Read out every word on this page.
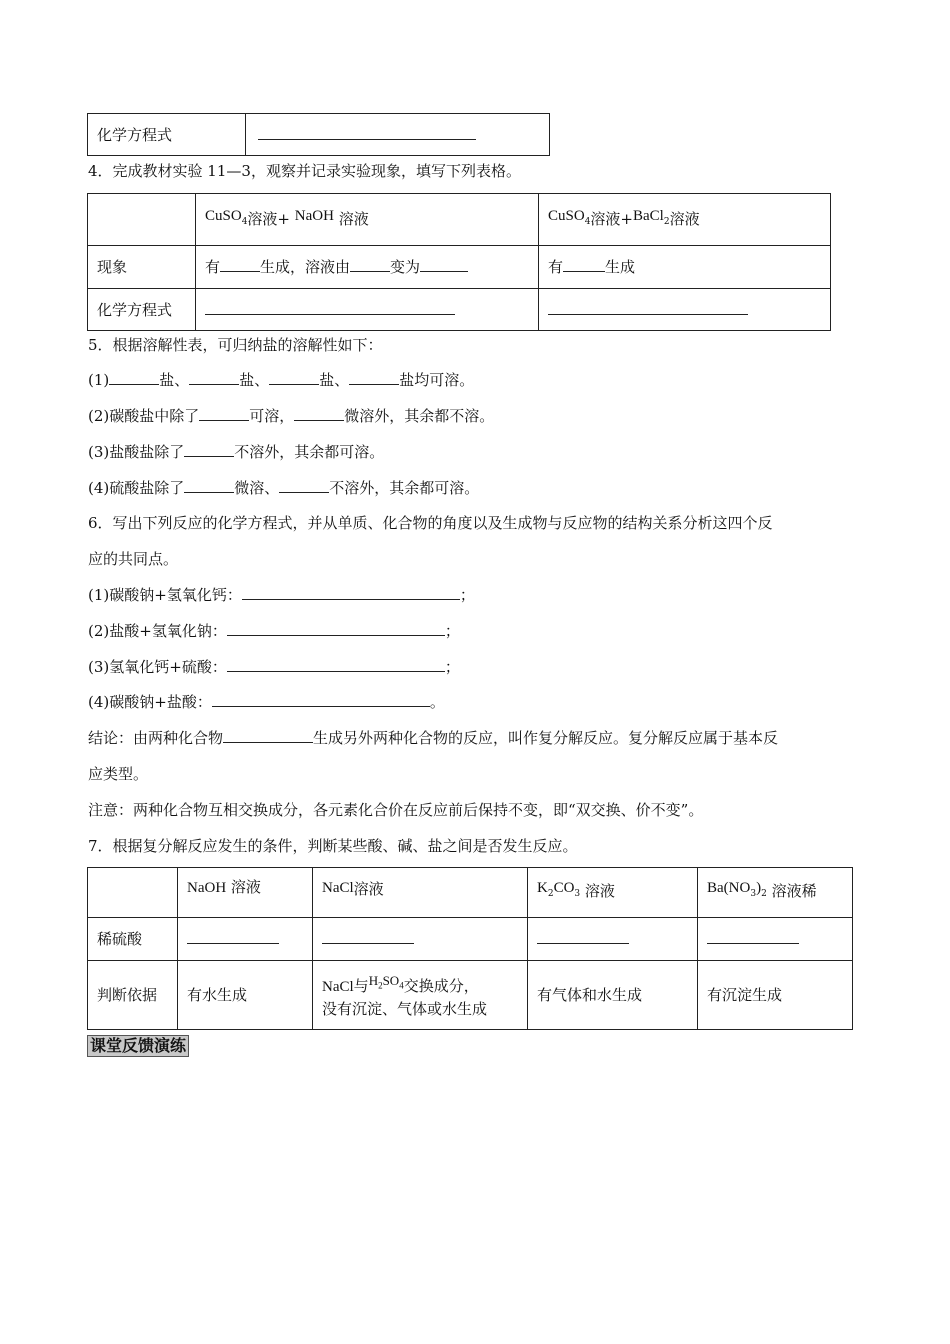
化学方程式	
4．完成教材实验 11—3，观察并记录实验现象，填写下列表格。
	CuSO$_4$溶液+ NaOH 溶液	CuSO$_4$溶液+BaCl$_2$溶液
现象	有 生成，溶液由 变为	有 生成
化学方程式		
5．根据溶解性表，可归纳盐的溶解性如下：
(1)	盐、	盐、	盐、	盐均可溶。
(2)碳酸盐中除了	可溶，	微溶外，其余都不溶。
(3)盐酸盐除了	不溶外，其余都可溶。
(4)硫酸盐除了	微溶、	不溶外，其余都可溶。
6．写出下列反应的化学方程式，并从单质、化合物的角度以及生成物与反应物的结构关系分析这四个反
应的共同点。
(1)碳酸钠+氢氧化钙：	；
(2)盐酸+氢氧化钠：	；
(3)氢氧化钙+硫酸：	；
(4)碳酸钠+盐酸：	。
结论：由两种化合物	生成另外两种化合物的反应，叫作复分解反应。复分解反应属于基本反
应类型。
注意：两种化合物互相交换成分，各元素化合价在反应前后保持不变，即“双交换、价不变”。
7．根据复分解反应发生的条件，判断某些酸、碱、盐之间是否发生反应。
	NaOH 溶液	NaCl溶液	$K_2CO_3$ 溶液	$Ba(NO_3)_2$ 溶液稀
稀硫酸				
判断依据	有水生成	NaCl与$^{H_2SO_4}$交换成分，
没有沉淀、气体或水生成	有气体和水生成	有沉淀生成
课堂反馈演练
